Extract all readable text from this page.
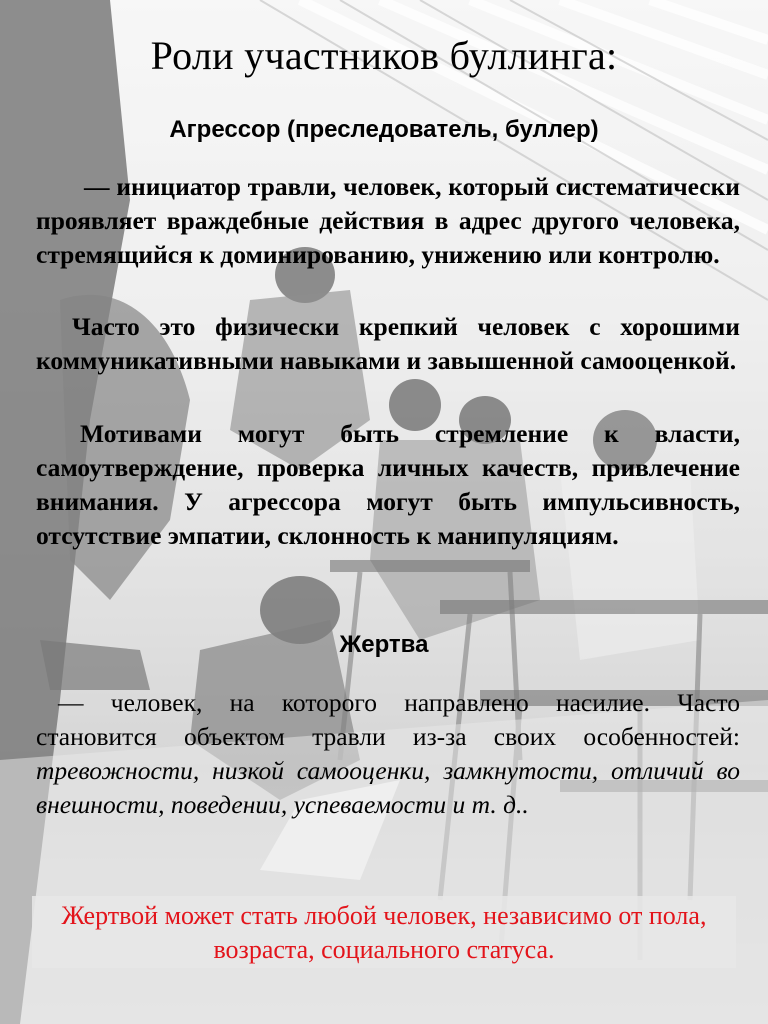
Роли участников буллинга:
Агрессор (преследователь, буллер)

— инициатор травли, человек, который систематически проявляет враждебные действия в адрес другого человека, стремящийся к доминированию, унижению или контролю.

Часто это физически крепкий человек с хорошими коммуникативными навыками и завышенной самооценкой.

Мотивами могут быть стремление к власти, самоутверждение, проверка личных качеств, привлечение внимания. У агрессора могут быть импульсивность, отсутствие эмпатии, склонность к манипуляциям.

Жертва

— человек, на которого направлено насилие. Часто становится объектом травли из-за своих особенностей: тревожности, низкой самооценки, замкнутости, отличий во внешности, поведении, успеваемости и т. д..

Жертвой может стать любой человек, независимо от пола, возраста, социального статуса.
